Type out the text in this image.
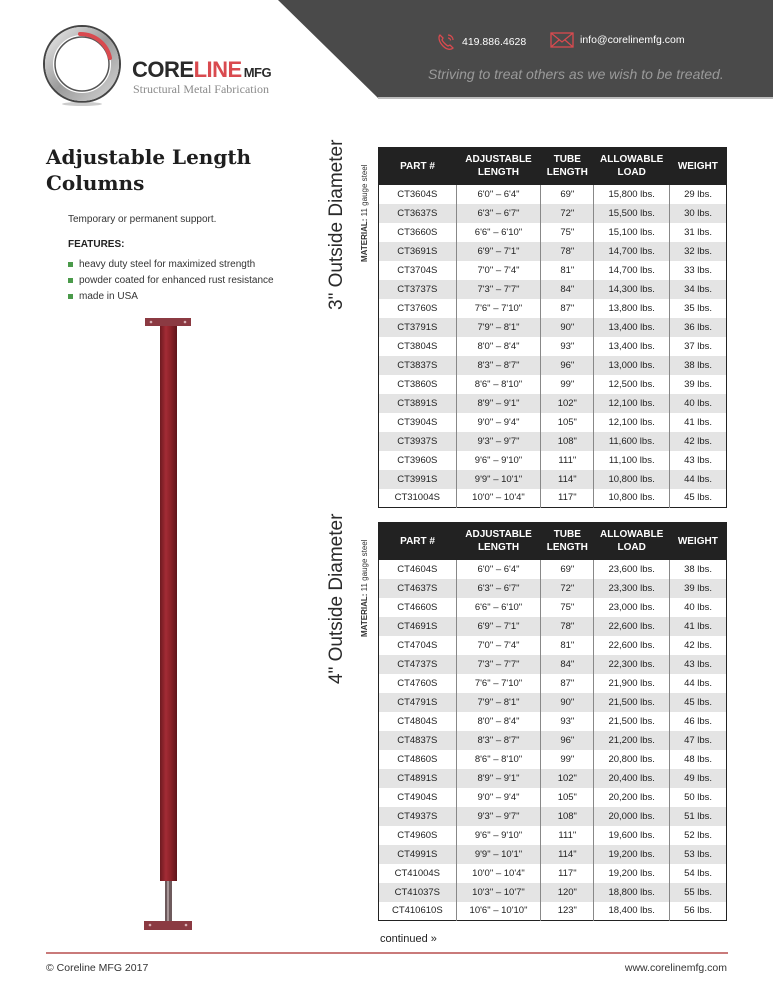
CORELINE MFG
Structural Metal Fabrication
419.886.4628	info@corelinemfg.com
Striving to treat others as we wish to be treated.
Adjustable Length
Columns
Temporary or permanent support.
FEATURES:
heavy duty steel for maximized strength
powder coated for enhanced rust resistance
made in USA	3" Outside Diameter	MATERIAL: 11 gauge steel	PART #	ADJUSTABLE LENGTH	TUBE LENGTH	ALLOWABLE LOAD	WEIGHT
CT3604S	6'0" – 6'4"	69"	15,800 lbs.	29 lbs.
CT3637S	6'3" – 6'7"	72"	15,500 lbs.	30 lbs.
CT3660S	6'6" – 6'10"	75"	15,100 lbs.	31 lbs.
CT3691S	6'9" – 7'1"	78"	14,700 lbs.	32 lbs.
CT3704S	7'0" – 7'4"	81"	14,700 lbs.	33 lbs.
CT3737S	7'3" – 7'7"	84"	14,300 lbs.	34 lbs.
CT3760S	7'6" – 7'10"	87"	13,800 lbs.	35 lbs.
CT3791S	7'9" – 8'1"	90"	13,400 lbs.	36 lbs.
CT3804S	8'0" – 8'4"	93"	13,400 lbs.	37 lbs.
CT3837S	8'3" – 8'7"	96"	13,000 lbs.	38 lbs.
CT3860S	8'6" – 8'10"	99"	12,500 lbs.	39 lbs.
CT3891S	8'9" – 9'1"	102"	12,100 lbs.	40 lbs.
CT3904S	9'0" – 9'4"	105"	12,100 lbs.	41 lbs.
CT3937S	9'3" – 9'7"	108"	11,600 lbs.	42 lbs.
CT3960S	9'6" – 9'10"	111"	11,100 lbs.	43 lbs.
CT3991S	9'9" – 10'1"	114"	10,800 lbs.	44 lbs.
CT31004S	10'0" – 10'4"	117"	10,800 lbs.	45 lbs.
4" Outside Diameter	MATERIAL: 11 gauge steel	PART #	ADJUSTABLE LENGTH	TUBE LENGTH	ALLOWABLE LOAD	WEIGHT
CT4604S	6'0" – 6'4"	69"	23,600 lbs.	38 lbs.
CT4637S	6'3" – 6'7"	72"	23,300 lbs.	39 lbs.
CT4660S	6'6" – 6'10"	75"	23,000 lbs.	40 lbs.
CT4691S	6'9" – 7'1"	78"	22,600 lbs.	41 lbs.
CT4704S	7'0" – 7'4"	81"	22,600 lbs.	42 lbs.
CT4737S	7'3" – 7'7"	84"	22,300 lbs.	43 lbs.
CT4760S	7'6" – 7'10"	87"	21,900 lbs.	44 lbs.
CT4791S	7'9" – 8'1"	90"	21,500 lbs.	45 lbs.
CT4804S	8'0" – 8'4"	93"	21,500 lbs.	46 lbs.
CT4837S	8'3" – 8'7"	96"	21,200 lbs.	47 lbs.
CT4860S	8'6" – 8'10"	99"	20,800 lbs.	48 lbs.
CT4891S	8'9" – 9'1"	102"	20,400 lbs.	49 lbs.
CT4904S	9'0" – 9'4"	105"	20,200 lbs.	50 lbs.
CT4937S	9'3" – 9'7"	108"	20,000 lbs.	51 lbs.
CT4960S	9'6" – 9'10"	111"	19,600 lbs.	52 lbs.
CT4991S	9'9" – 10'1"	114"	19,200 lbs.	53 lbs.
CT41004S	10'0" – 10'4"	117"	19,200 lbs.	54 lbs.
CT41037S	10'3" – 10'7"	120"	18,800 lbs.	55 lbs.
CT410610S	10'6" – 10'10"	123"	18,400 lbs.	56 lbs.
continued »
© Coreline MFG 2017	www.corelinemfg.com
